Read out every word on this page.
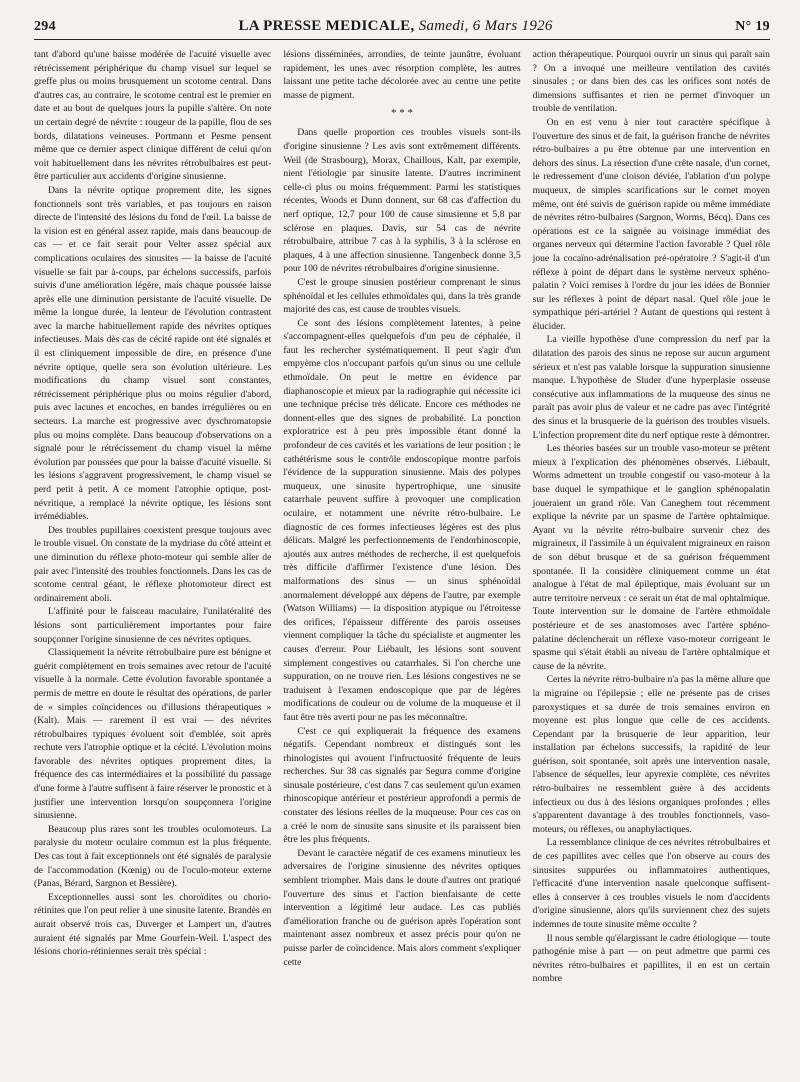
294	LA PRESSE MEDICALE, Samedi, 6 Mars 1926	N° 19

tant d'abord qu'une baisse modérée de l'acuité visuelle avec rétrécissement périphérique du champ visuel sur lequel se greffe plus ou moins brusquement un scotome central. Dans d'autres cas, au contraire, le scotome central est le premier en date et au bout de quelques jours la pupille s'altère. On note un certain degré de névrite : rougeur de la papille, flou de ses bords, dilatations veineuses. Portmann et Pesme pensent même que ce dernier aspect clinique différent de celui qu'on voit habituellement dans les névrites rétrobulbaires est peut-être particulier aux accidents d'origine sinusienne.

Dans la névrite optique proprement dite, les signes fonctionnels sont très variables, et pas toujours en raison directe de l'intensité des lésions du fond de l'œil. La baisse de la vision est en général assez rapide, mais dans beaucoup de cas — et ce fait serait pour Velter assez spécial aux complications oculaires des sinusites — la baisse de l'acuité visuelle se fait par à-coups, par échelons successifs, parfois suivis d'une amélioration légère, mais chaque poussée laisse après elle une diminution persistante de l'acuité visuelle. De même la longue durée, la lenteur de l'évolution contrastent avec la marche habituellement rapide des névrites optiques infectieuses. Mais dès cas de cécité rapide ont été signalés et il est cliniquement impossible de dire, en présence d'une névrite optique, quelle sera son évolution ultérieure. Les modifications du champ visuel sont constantes, rétrécissement périphérique plus ou moins régulier d'abord, puis avec lacunes et encoches, en bandes irrégulières ou en secteurs. La marche est progressive avec dyschromatopsie plus ou moins complète. Dans beaucoup d'observations on a signalé pour le rétrécissement du champ visuel la même évolution par poussées que pour la baisse d'acuité visuelle. Si les lésions s'aggravent progressivement, le champ visuel se perd petit à petit. A ce moment l'atrophie optique, post-névritique, a remplacé la névrite optique, les lésions sont irrémédiables.

Des troubles pupillaires coexistent presque toujours avec le trouble visuel. On constate de la mydriase du côté atteint et une diminution du réflexe photo-moteur qui semble aller de pair avec l'intensité des troubles fonctionnels. Dans les cas de scotome central géant, le réflexe photomoteur direct est ordinairement aboli.

L'affinité pour le faisceau maculaire, l'unilatéralité des lésions sont particulièrement importantes pour faire soupçonner l'origine sinusienne de ces névrites optiques.

Classiquement la névrite rétrobulbaire pure est bénigne et guérit complètement en trois semaines avec retour de l'acuité visuelle à la normale. Cette évolution favorable spontanée a permis de mettre en doute le résultat des opérations, de parler de « simples coïncidences ou d'illusions thérapeutiques » (Kalt). Mais — rarement il est vrai — des névrites rétrobulbaires typiques évoluent soit d'emblée, soit après rechute vers l'atrophie optique et la cécité. L'évolution moins favorable des névrites optiques proprement dites, la fréquence des cas intermédiaires et la possibilité du passage d'une forme à l'autre suffisent à faire réserver le pronostic et à justifier une intervention lorsqu'on soupçonnera l'origine sinusienne.

Beaucoup plus rares sont les troubles oculomoteurs. La paralysie du moteur oculaire commun est la plus fréquente. Des cas tout à fait exceptionnels ont été signalés de paralysie de l'accommodation (Kœnig) ou de l'oculo-moteur externe (Panas, Bérard, Sargnon et Bessière).

Exceptionnelles aussi sont les choroïdites ou chorio-rétinites que l'on peut relier à une sinusite latente. Brandès en aurait observé trois cas, Duverger et Lampert un, d'autres auraient été signalés par Mme Gourfein-Weil. L'aspect des lésions chorio-rétiniennes serait très spécial :

lésions disséminées, arrondies, de teinte jaunâtre, évoluant rapidement, les unes avec résorption complète, les autres laissant une petite tache décolorée avec au centre une petite masse de pigment.

* * *

Dans quelle proportion ces troubles visuels sont-ils d'origine sinusienne ? Les avis sont extrêmement différents. Weil (de Strasbourg), Morax, Chaillous, Kalt, par exemple, nient l'étiologie par sinusite latente. D'autres incriminent celle-ci plus ou moins fréquemment. Parmi les statistiques récentes, Woods et Dunn donnent, sur 68 cas d'affection du nerf optique, 12,7 pour 100 de cause sinusienne et 5,8 par sclérose en plaques. Davis, sur 54 cas de névrite rétrobulbaire, attribue 7 cas à la syphilis, 3 à la sclérose en plaques, 4 à une affection sinusienne. Tangenbeck donne 3,5 pour 100 de névrites rétrobulbaires d'origine sinusienne.

C'est le groupe sinusien postérieur comprenant le sinus sphénoïdal et les cellules ethmoïdales qui, dans la très grande majorité des cas, est cause de troubles visuels.

Ce sont des lésions complètement latentes, à peine s'accompagnent-elles quelquefois d'un peu de céphalée, il faut les rechercher systématiquement. Il peut s'agir d'un empyème clos n'occupant parfois qu'un sinus ou une cellule ethmoïdale. On peut le mettre en évidence par diaphanoscopie et mieux par la radiographie qui nécessite ici une technique précise très délicate. Encore ces méthodes ne donnent-elles que des signes de probabilité. La ponction exploratrice est à peu près impossible étant donné la profondeur de ces cavités et les variations de leur position ; le cathétérisme sous le contrôle endoscopique montre parfois l'évidence de la suppuration sinusienne. Mais des polypes muqueux, une sinusite hypertrophique, une sinusite catarrhale peuvent suffire à provoquer une complication oculaire, et notamment une névrite rétro-bulbaire. Le diagnostic de ces formes infectieuses légères est des plus délicats. Malgré les perfectionnements de l'endorhinoscopie, ajoutés aux autres méthodes de recherche, il est quelquefois très difficile d'affirmer l'existence d'une lésion. Des malformations des sinus — un sinus sphénoïdal anormalement développé aux dépens de l'autre, par exemple (Watson Williams) — la disposition atypique ou l'étroitesse des orifices, l'épaisseur différente des parois osseuses viennent compliquer la tâche du spécialiste et augmenter les causes d'erreur. Pour Liébault, les lésions sont souvent simplement congestives ou catarrhales. Si l'on cherche une suppuration, on ne trouve rien. Les lésions congestives ne se traduisent à l'examen endoscopique que par de légères modifications de couleur ou de volume de la muqueuse et il faut être très averti pour ne pas les méconnaître.

C'est ce qui expliquerait la fréquence des examens négatifs. Cependant nombreux et distingués sont les rhinologistes qui avouent l'infructuosité fréquente de leurs recherches. Sur 38 cas signalés par Segura comme d'origine sinusale postérieure, c'est dans 7 cas seulement qu'un examen rhinoscopique antérieur et postérieur approfondi a permis de constater des lésions réelles de la muqueuse. Pour ces cas on a créé le nom de sinusite sans sinusite et ils paraissent bien être les plus fréquents.

Devant le caractère négatif de ces examens minutieux les adversaires de l'origine sinusienne des névrites optiques semblent triompher. Mais dans le doute d'autres ont pratiqué l'ouverture des sinus et l'action bienfaisante de cette intervention a légitimé leur audace. Les cas publiés d'amélioration franche ou de guérison après l'opération sont maintenant assez nombreux et assez précis pour qu'on ne puisse parler de coïncidence. Mais alors comment s'expliquer cette

action thérapeutique. Pourquoi ouvrir un sinus qui paraît sain ? On a invoqué une meilleure ventilation des cavités sinusales ; or dans bien des cas les orifices sont notés de dimensions suffisantes et rien ne permet d'invoquer un trouble de ventilation.

On en est venu à nier tout caractère spécifique à l'ouverture des sinus et de fait, la guérison franche de névrites rétro-bulbaires a pu être obtenue par une intervention en dehors des sinus. La résection d'une crête nasale, d'un cornet, le redressement d'une cloison déviée, l'ablation d'un polype muqueux, de simples scarifications sur le cornet moyen même, ont été suivis de guérison rapide ou même immédiate de névrites rétro-bulbaires (Sargnon, Worms, Bécq). Dans ces opérations est ce la saignée au voisinage immédiat des organes nerveux qui détermine l'action favorable ? Quel rôle joue la cocaïno-adrénalisation pré-opératoire ? S'agit-il d'un réflexe à point de départ dans le système nerveux sphéno-palatin ? Voici remises à l'ordre du jour les idées de Bonnier sur les réflexes à point de départ nasal. Quel rôle joue le sympathique péri-artériel ? Autant de questions qui restent à élucider.

La vieille hypothèse d'une compression du nerf par la dilatation des parois des sinus ne repose sur aucun argument sérieux et n'est pas valable lorsque la suppuration sinusienne manque. L'hypothèse de Sluder d'une hyperplasie osseuse consécutive aux inflammations de la muqueuse des sinus ne paraît pas avoir plus de valeur et ne cadre pas avec l'intégrité des sinus et la brusquerie de la guérison des troubles visuels. L'infection proprement dite du nerf optique reste à démontrer.

Les théories basées sur un trouble vaso-moteur se prêtent mieux à l'explication des phénomènes observés. Liébault, Worms admettent un trouble congestif ou vaso-moteur à la base duquel le sympathique et le ganglion sphénopalatin joueraient un grand rôle. Van Caneghem tout récemment explique la névrite par un spasme de l'artère ophtalmique. Ayant vu la névrite rétro-bulbaire survenir chez des migraineux, il l'assimile à un équivalent migraineux en raison de son début brusque et de sa guérison fréquemment spontanée. Il la considère cliniquement comme un état analogue à l'état de mal épileptique, mais évoluant sur un autre territoire nerveux : ce serait un état de mal ophtalmique. Toute intervention sur le domaine de l'artère ethmoïdale postérieure et de ses anastomoses avec l'artère sphéno-palatine déclencherait un réflexe vaso-moteur corrigeant le spasme qui s'était établi au niveau de l'artère ophtalmique et cause de la névrite.

Certes la névrite rétro-bulbaire n'a pas la même allure que la migraine ou l'épilepsie ; elle ne présente pas de crises paroxystiques et sa durée de trois semaines environ en moyenne est plus longue que celle de ces accidents. Cependant par la brusquerie de leur apparition, leur installation par échelons successifs, la rapidité de leur guérison, soit spontanée, soit après une intervention nasale, l'absence de séquelles, leur apyrexie complète, ces névrites rétro-bulbaires ne ressemblent guère à des accidents infectieux ou dus à des lésions organiques profondes ; elles s'apparentent davantage à des troubles fonctionnels, vaso-moteurs, ou réflexes, ou anaphylactiques.

La ressemblance clinique de ces névrites rétrobulbaires et de ces papillites avec celles que l'on observe au cours des sinusites suppurées ou inflammatoires authentiques, l'efficacité d'une intervention nasale quelconque suffisent-elles à conserver à ces troubles visuels le nom d'accidents d'origine sinusienne, alors qu'ils surviennent chez des sujets indemnes de toute sinusite même occulte ?

Il nous semble qu'élargissant le cadre étiologique — toute pathogénie mise à part — on peut admettre que parmi ces névrites rétro-bulbaires et papillites, il en est un certain nombre
